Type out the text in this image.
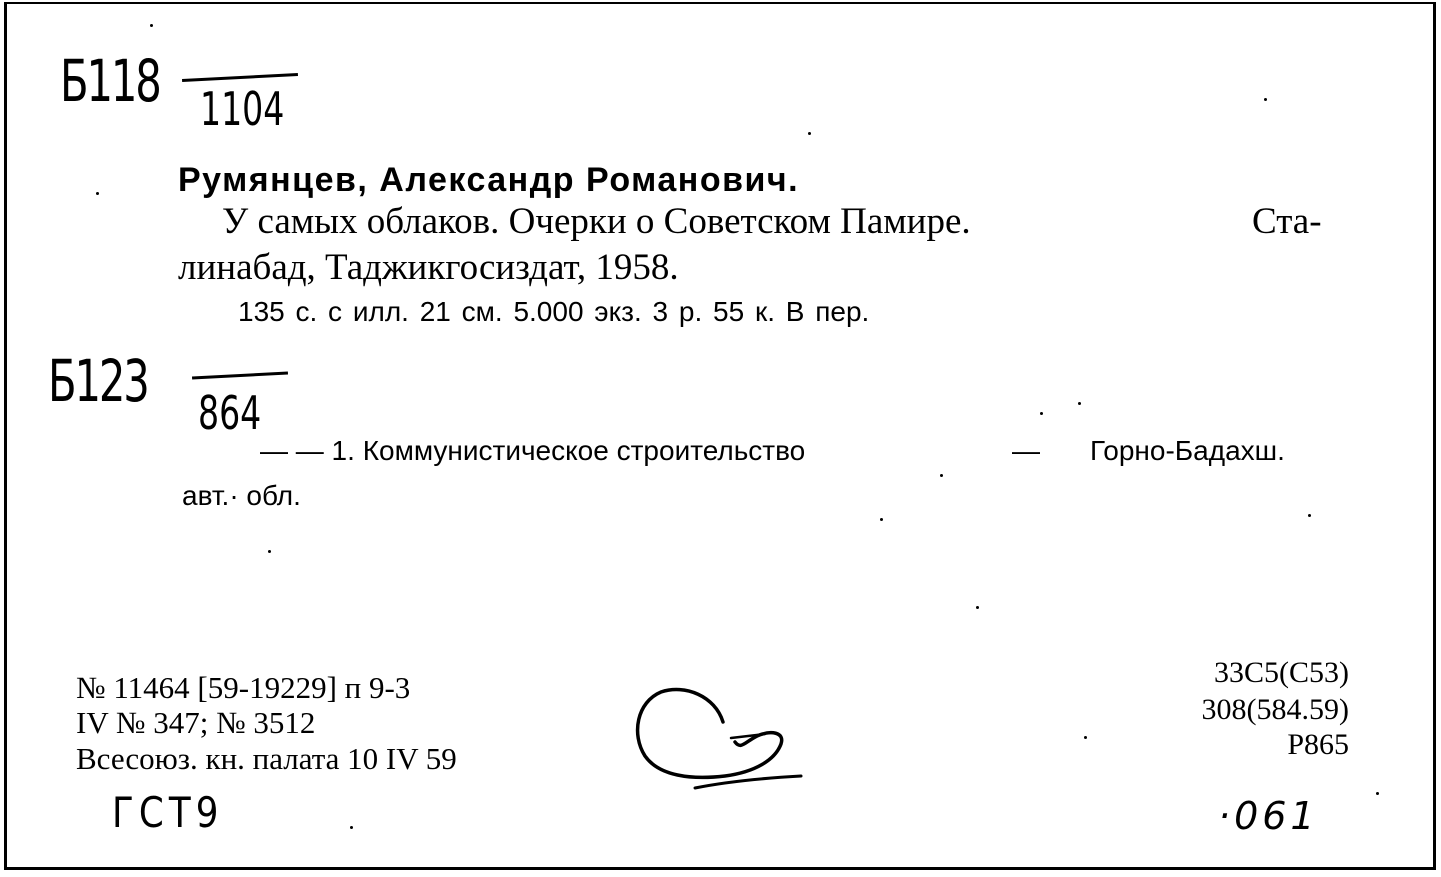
Б118 1104
Б123 864
Румянцев, Александр Романович.
У самых облаков. Очерки о Советском Памире.	Ста-
линабад, Таджикгосиздат, 1958.
135 с. с илл. 21 см. 5.000 экз. 3 р. 55 к. В пер.
— — 1. Коммунистическое строительство	— Горно-Бадахш.
авт.· обл.
№ 11464 [59-19229] п 9-3
IV № 347; № 3512
Всесоюз. кн. палата 10 IV 59
33С5(С53)
308(584.59)
Р865
ГСТ9	·061
